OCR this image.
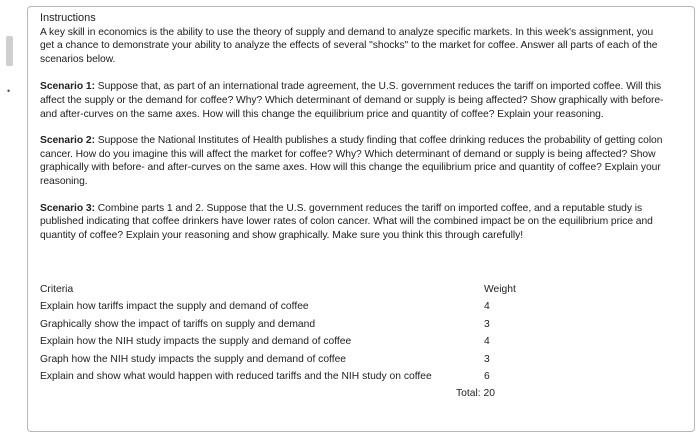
•
Instructions

A key skill in economics is the ability to use the theory of supply and demand to analyze specific markets. In this week's assignment, you get a chance to demonstrate your ability to analyze the effects of several "shocks" to the market for coffee. Answer all parts of each of the scenarios below.

Scenario 1: Suppose that, as part of an international trade agreement, the U.S. government reduces the tariff on imported coffee. Will this affect the supply or the demand for coffee? Why? Which determinant of demand or supply is being affected? Show graphically with before- and after-curves on the same axes. How will this change the equilibrium price and quantity of coffee? Explain your reasoning.

Scenario 2: Suppose the National Institutes of Health publishes a study finding that coffee drinking reduces the probability of getting colon cancer. How do you imagine this will affect the market for coffee? Why? Which determinant of demand or supply is being affected? Show graphically with before- and after-curves on the same axes. How will this change the equilibrium price and quantity of coffee? Explain your reasoning.

Scenario 3: Combine parts 1 and 2. Suppose that the U.S. government reduces the tariff on imported coffee, and a reputable study is published indicating that coffee drinkers have lower rates of colon cancer. What will the combined impact be on the equilibrium price and quantity of coffee? Explain your reasoning and show graphically. Make sure you think this through carefully!

Criteria	Weight
Explain how tariffs impact the supply and demand of coffee	4
Graphically show the impact of tariffs on supply and demand	3
Explain how the NIH study impacts the supply and demand of coffee	4
Graph how the NIH study impacts the supply and demand of coffee	3
Explain and show what would happen with reduced tariffs and the NIH study on coffee	6
Total: 20
